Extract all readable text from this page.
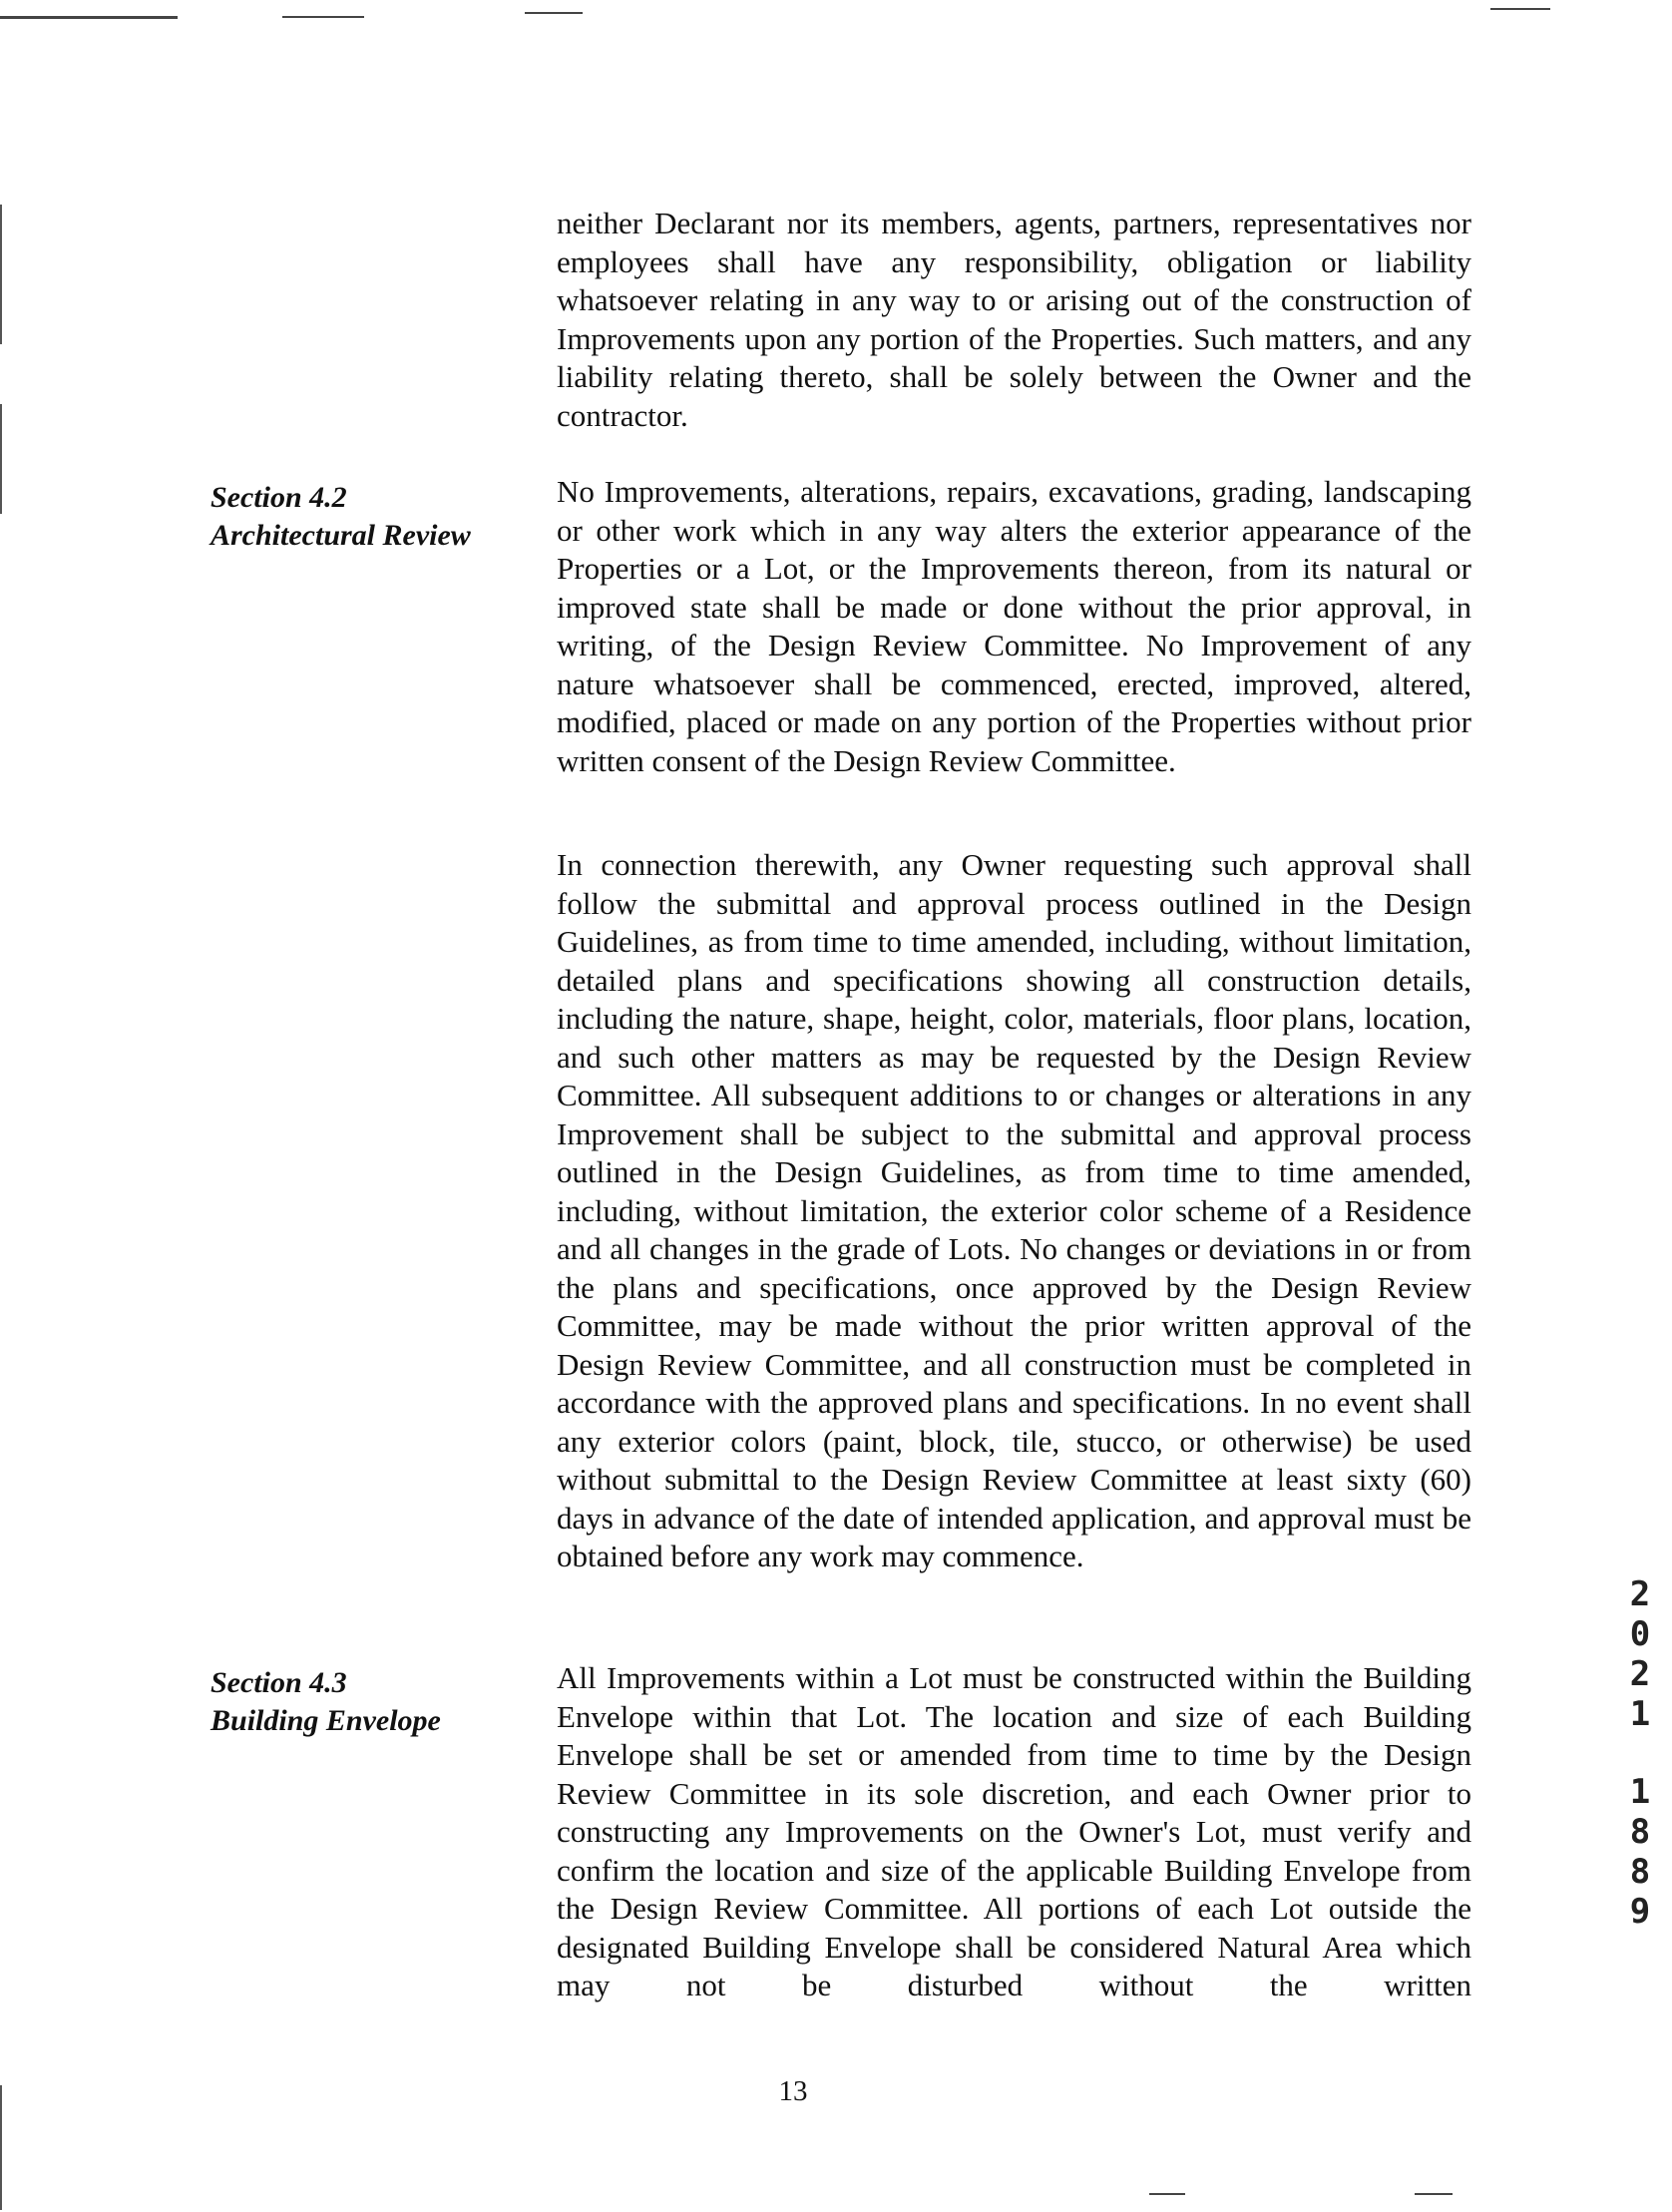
neither Declarant nor its members, agents, partners, representatives nor employees shall have any responsibility, obligation or liability whatsoever relating in any way to or arising out of the construction of Improvements upon any portion of the Properties. Such matters, and any liability relating thereto, shall be solely between the Owner and the contractor.

Section 4.2
Architectural Review

No Improvements, alterations, repairs, excavations, grading, landscaping or other work which in any way alters the exterior appearance of the Properties or a Lot, or the Improvements thereon, from its natural or improved state shall be made or done without the prior approval, in writing, of the Design Review Committee. No Improvement of any nature whatsoever shall be commenced, erected, improved, altered, modified, placed or made on any portion of the Properties without prior written consent of the Design Review Committee.

In connection therewith, any Owner requesting such approval shall follow the submittal and approval process outlined in the Design Guidelines, as from time to time amended, including, without limitation, detailed plans and specifications showing all construction details, including the nature, shape, height, color, materials, floor plans, location, and such other matters as may be requested by the Design Review Committee. All subsequent additions to or changes or alterations in any Improvement shall be subject to the submittal and approval process outlined in the Design Guidelines, as from time to time amended, including, without limitation, the exterior color scheme of a Residence and all changes in the grade of Lots. No changes or deviations in or from the plans and specifications, once approved by the Design Review Committee, may be made without the prior written approval of the Design Review Committee, and all construction must be completed in accordance with the approved plans and specifications. In no event shall any exterior colors (paint, block, tile, stucco, or otherwise) be used without submittal to the Design Review Committee at least sixty (60) days in advance of the date of intended application, and approval must be obtained before any work may commence.

Section 4.3
Building Envelope

All Improvements within a Lot must be constructed within the Building Envelope within that Lot. The location and size of each Building Envelope shall be set or amended from time to time by the Design Review Committee in its sole discretion, and each Owner prior to constructing any Improvements on the Owner's Lot, must verify and confirm the location and size of the applicable Building Envelope from the Design Review Committee. All portions of each Lot outside the designated Building Envelope shall be considered Natural Area which may not be disturbed without the written

13
2
0
2
1
1
8
8
9
